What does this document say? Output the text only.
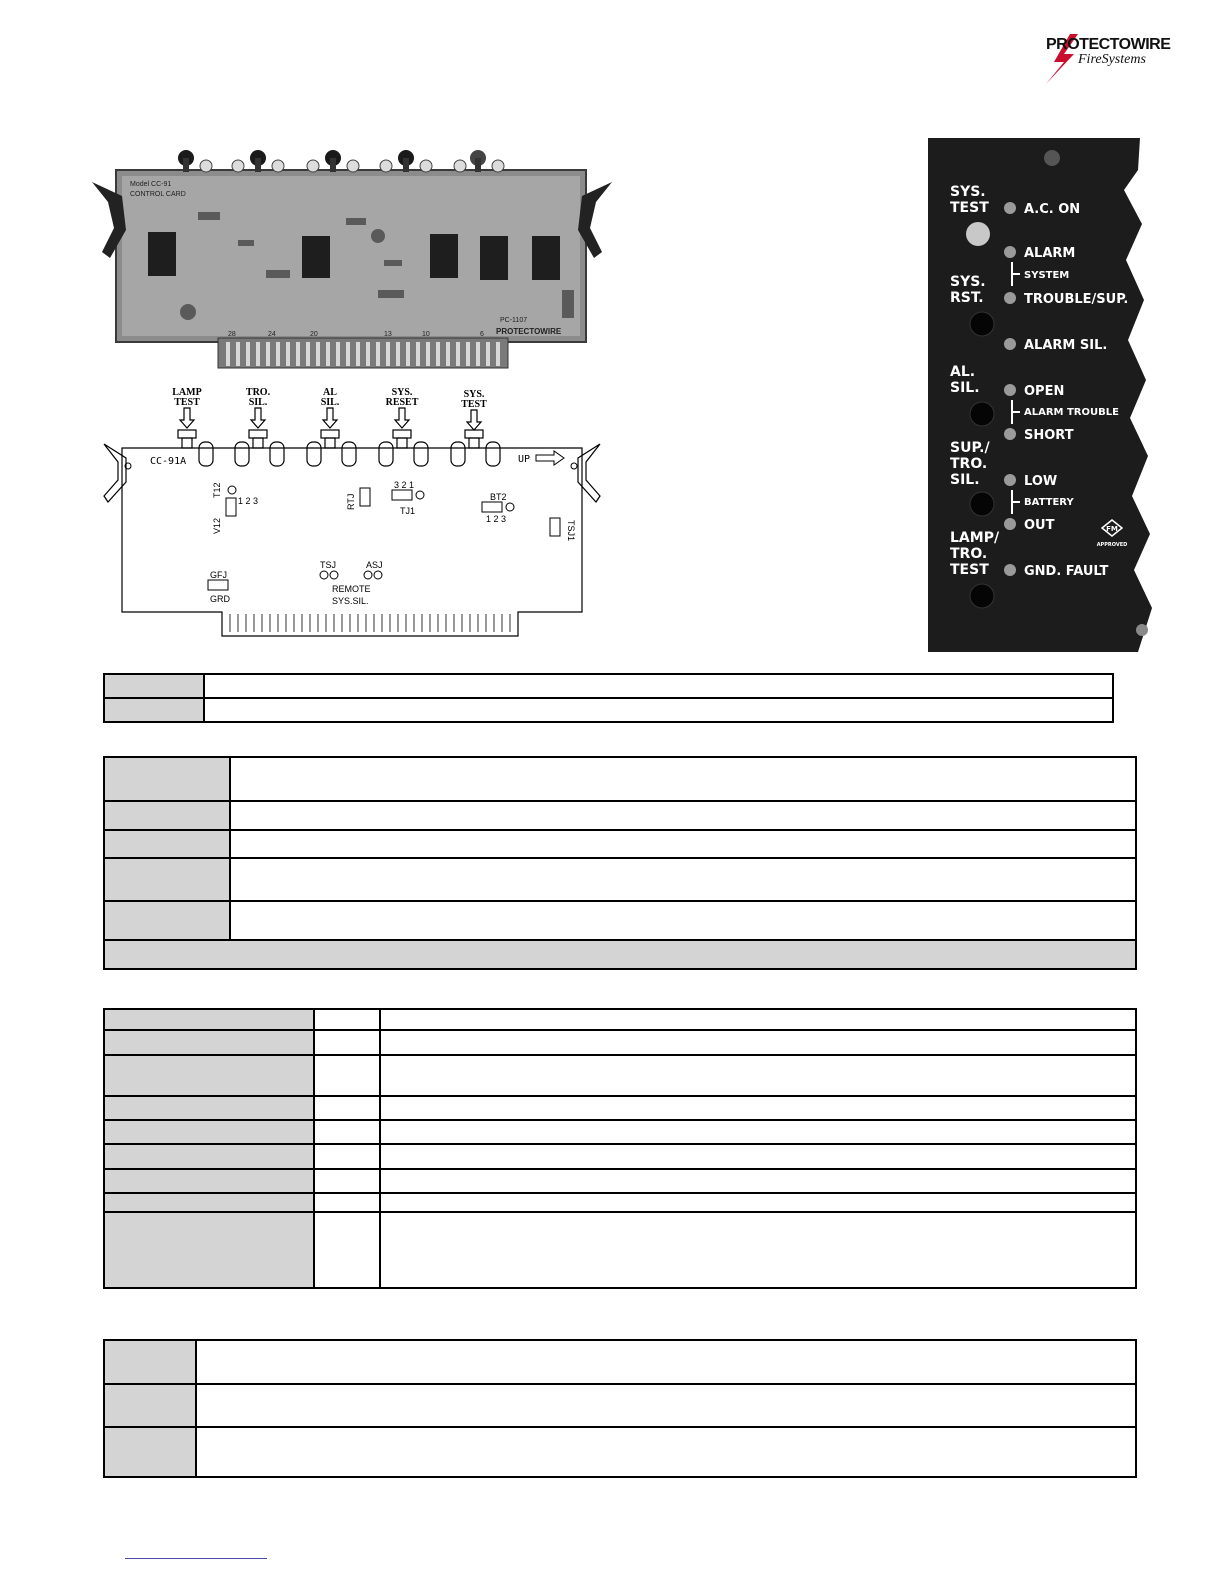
PROTECTOWIRE
FireSystems
Model CC-91
CONTROL CARD
PC-1107
PROTECTOWIRE
28	24	20	13	10	6
LAMP
TEST
TRO.
SIL.
AL
SIL.
SYS.
RESET
SYS.
TEST
CC-91A	UP
T12
1 2 3
V12
RTJ
3 2 1
TJ1
BT2
1 2 3
TSJ1
GFJ
GRD
TSJ	ASJ
REMOTE
SYS.SIL.
SYS.
TEST
SYS.
RST.
AL.
SIL.
SUP./
TRO.
SIL.
LAMP/
TRO.
TEST
A.C. ON
ALARM
TROUBLE/SUP.
ALARM SIL.
OPEN
SHORT
LOW
OUT
GND. FAULT
SYSTEM
ALARM TROUBLE
BATTERY
FM
APPROVED
